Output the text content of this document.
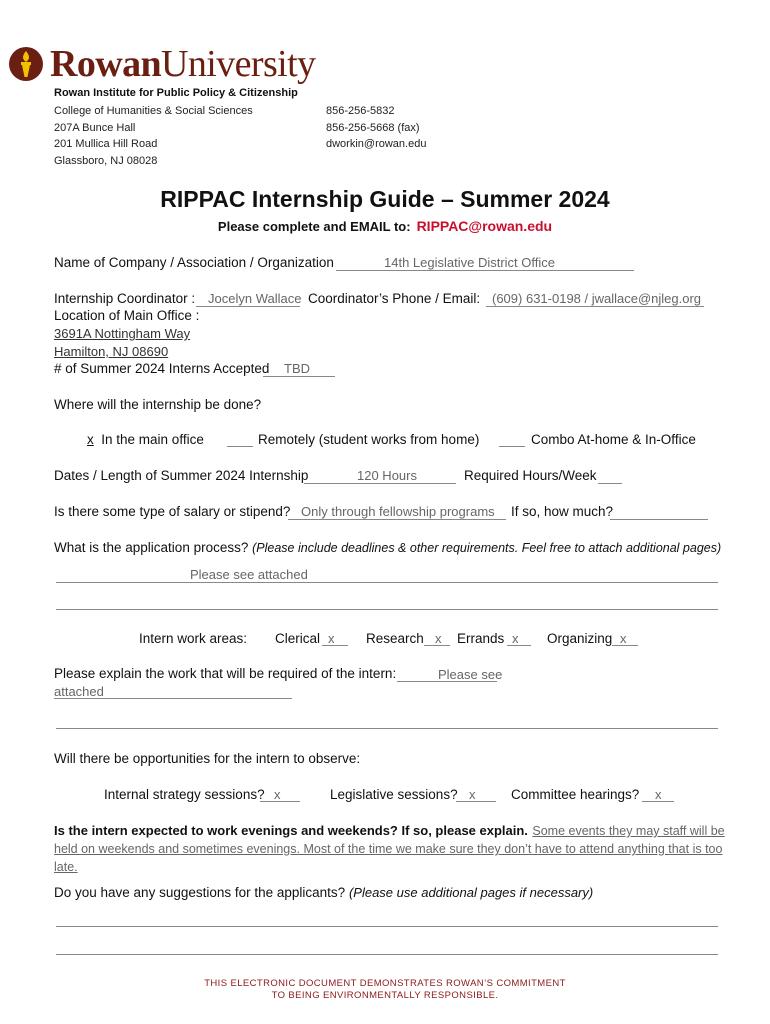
RowanUniversity
Rowan Institute for Public Policy & Citizenship
College of Humanities & Social Sciences
207A Bunce Hall
201 Mullica Hill Road
Glassboro, NJ 08028
856-256-5832
856-256-5668 (fax)
dworkin@rowan.edu
RIPPAC Internship Guide – Summer 2024
Please complete and EMAIL to: RIPPAC@rowan.edu
Name of Company / Association / Organization	14th Legislative District Office
Internship Coordinator : Jocelyn Wallace Coordinator’s Phone / Email: (609) 631-0198 / jwallace@njleg.org
Location of Main Office :
3691A Nottingham Way
Hamilton, NJ 08690
# of Summer 2024 Interns Accepted TBD
Where will the internship be done?
x In the main office	Remotely (student works from home)	Combo At-home & In-Office
Dates / Length of Summer 2024 Internship	120 Hours	Required Hours/Week
Is there some type of salary or stipend? Only through fellowship programs If so, how much?
What is the application process? (Please include deadlines & other requirements. Feel free to attach additional pages)
Please see attached
Intern work areas: Clerical x Research x Errands x Organizing x
Please explain the work that will be required of the intern:	Please see
attached
Will there be opportunities for the intern to observe:
Internal strategy sessions? x	Legislative sessions? x	Committee hearings? x
Is the intern expected to work evenings and weekends? If so, please explain. Some events they may staff will be held on weekends and sometimes evenings. Most of the time we make sure they don’t have to attend anything that is too late.
Do you have any suggestions for the applicants? (Please use additional pages if necessary)
THIS ELECTRONIC DOCUMENT DEMONSTRATES ROWAN’S COMMITMENT
TO BEING ENVIRONMENTALLY RESPONSIBLE.
